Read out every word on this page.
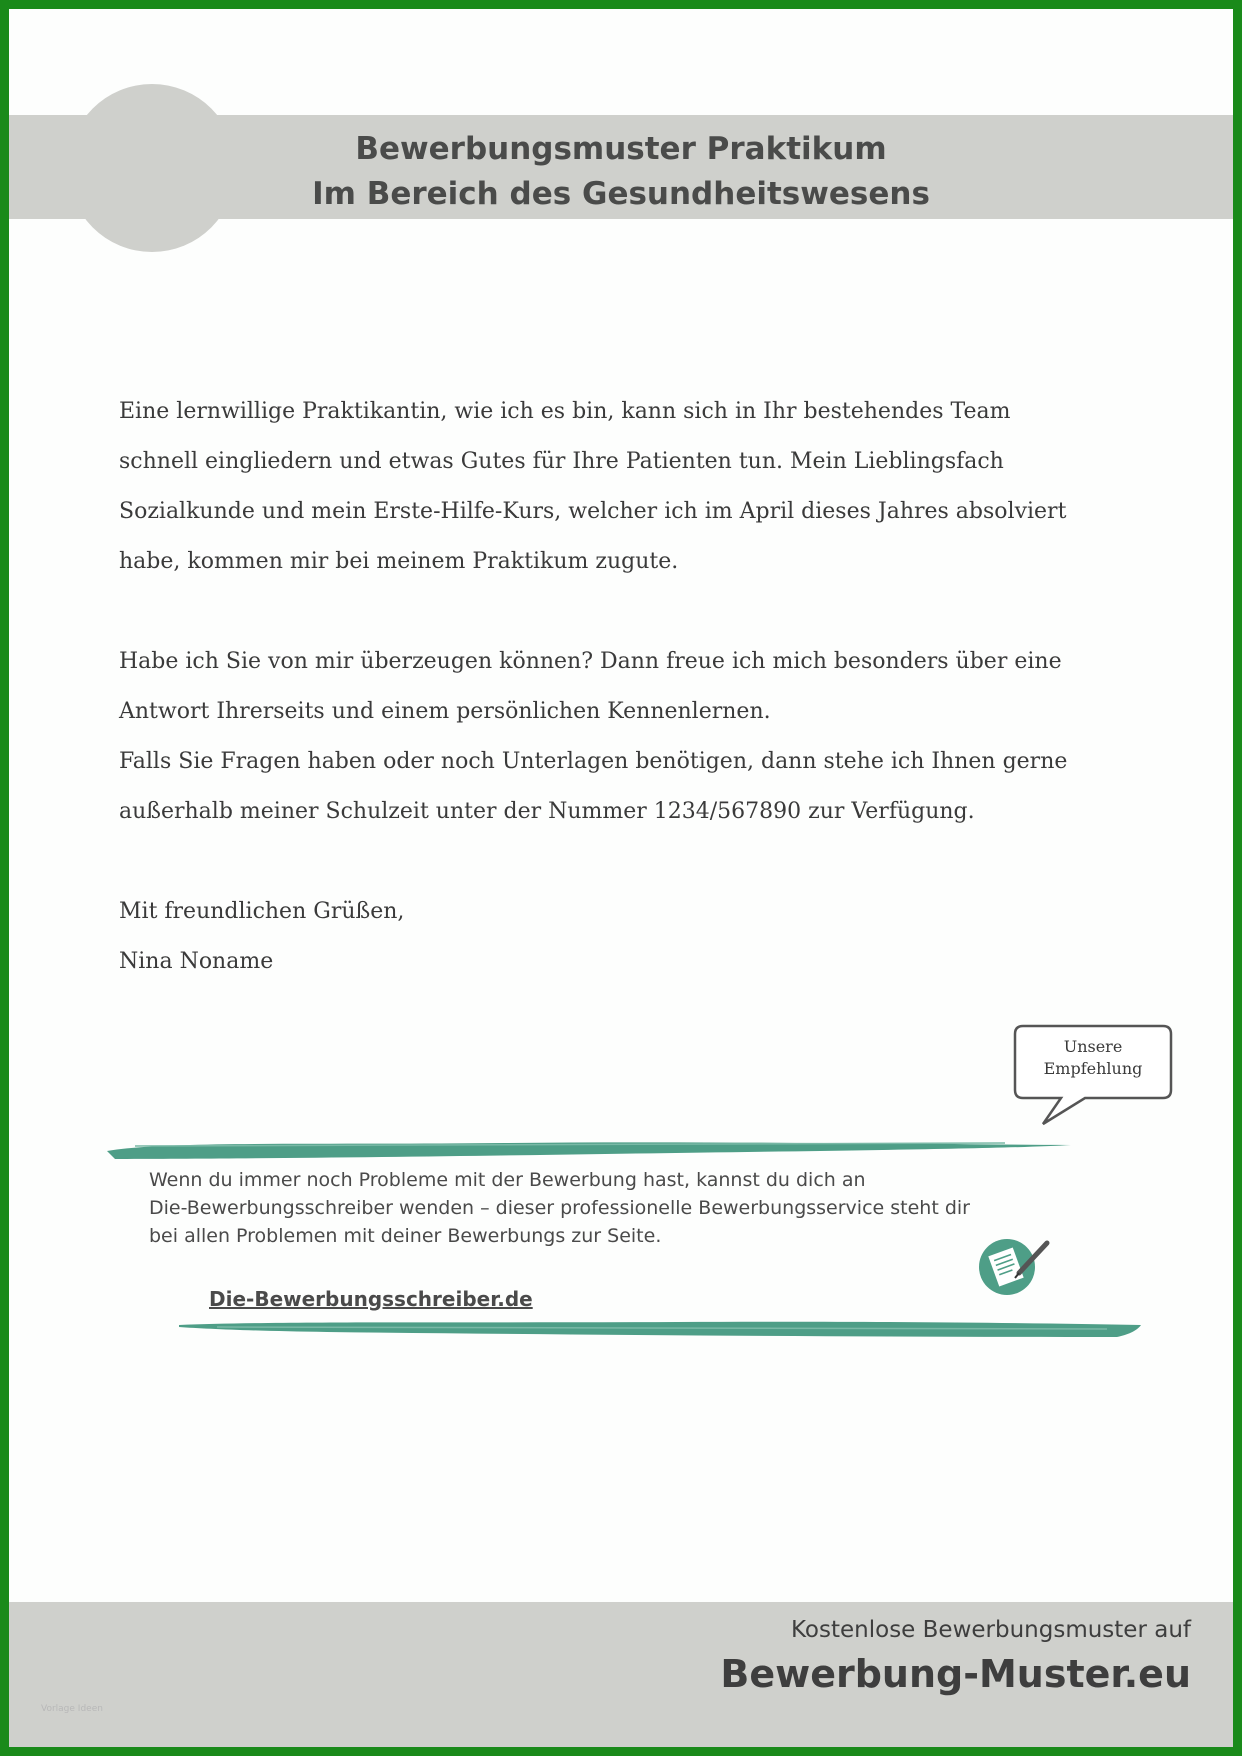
Bewerbungsmuster Praktikum
Im Bereich des Gesundheitswesens
Eine lernwillige Praktikantin, wie ich es bin, kann sich in Ihr bestehendes Team
schnell eingliedern und etwas Gutes für Ihre Patienten tun. Mein Lieblingsfach
Sozialkunde und mein Erste-Hilfe-Kurs, welcher ich im April dieses Jahres absolviert
habe, kommen mir bei meinem Praktikum zugute.
Habe ich Sie von mir überzeugen können? Dann freue ich mich besonders über eine
Antwort Ihrerseits und einem persönlichen Kennenlernen.
Falls Sie Fragen haben oder noch Unterlagen benötigen, dann stehe ich Ihnen gerne
außerhalb meiner Schulzeit unter der Nummer 1234/567890 zur Verfügung.
Mit freundlichen Grüßen,
Nina Noname
Unsere
Empfehlung
Wenn du immer noch Probleme mit der Bewerbung hast, kannst du dich an
Die-Bewerbungsschreiber wenden – dieser professionelle Bewerbungsservice steht dir
bei allen Problemen mit deiner Bewerbungs zur Seite.
Die-Bewerbungsschreiber.de
Vorlage Ideen
Kostenlose Bewerbungsmuster auf
Bewerbung-Muster.eu
